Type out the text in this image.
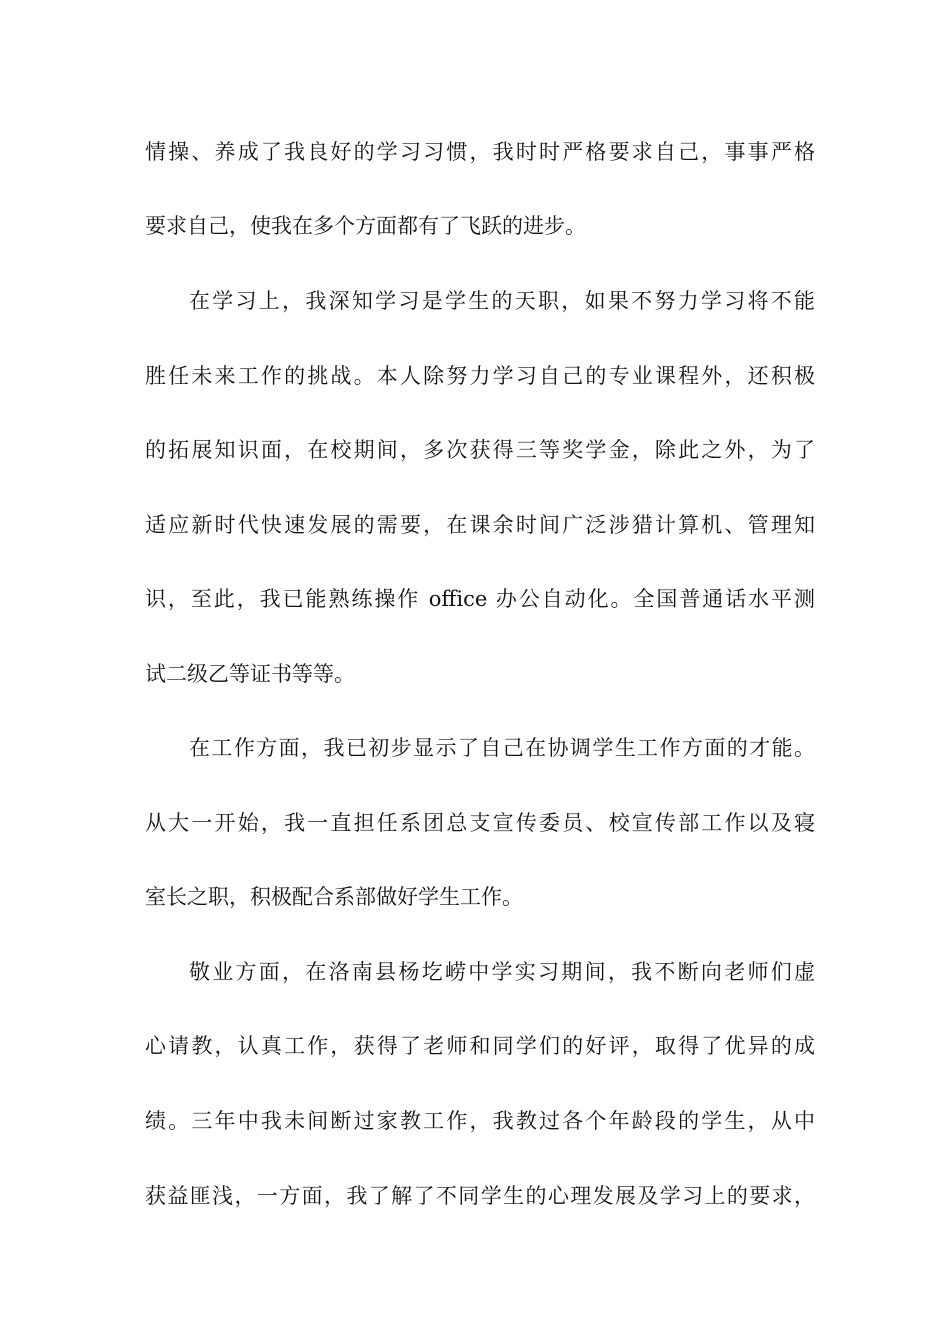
情操、养成了我良好的学习习惯，我时时严格要求自己，事事严格
要求自己，使我在多个方面都有了飞跃的进步。
在学习上，我深知学习是学生的天职，如果不努力学习将不能
胜任未来工作的挑战。本人除努力学习自己的专业课程外，还积极
的拓展知识面，在校期间，多次获得三等奖学金，除此之外，为了
适应新时代快速发展的需要，在课余时间广泛涉猎计算机、管理知
识，至此，我已能熟练操作 office 办公自动化。全国普通话水平测
试二级乙等证书等等。
在工作方面，我已初步显示了自己在协调学生工作方面的才能。
从大一开始，我一直担任系团总支宣传委员、校宣传部工作以及寝
室长之职，积极配合系部做好学生工作。
敬业方面，在洛南县杨圪崂中学实习期间，我不断向老师们虚
心请教，认真工作，获得了老师和同学们的好评，取得了优异的成
绩。三年中我未间断过家教工作，我教过各个年龄段的学生，从中
获益匪浅，一方面，我了解了不同学生的心理发展及学习上的要求，
